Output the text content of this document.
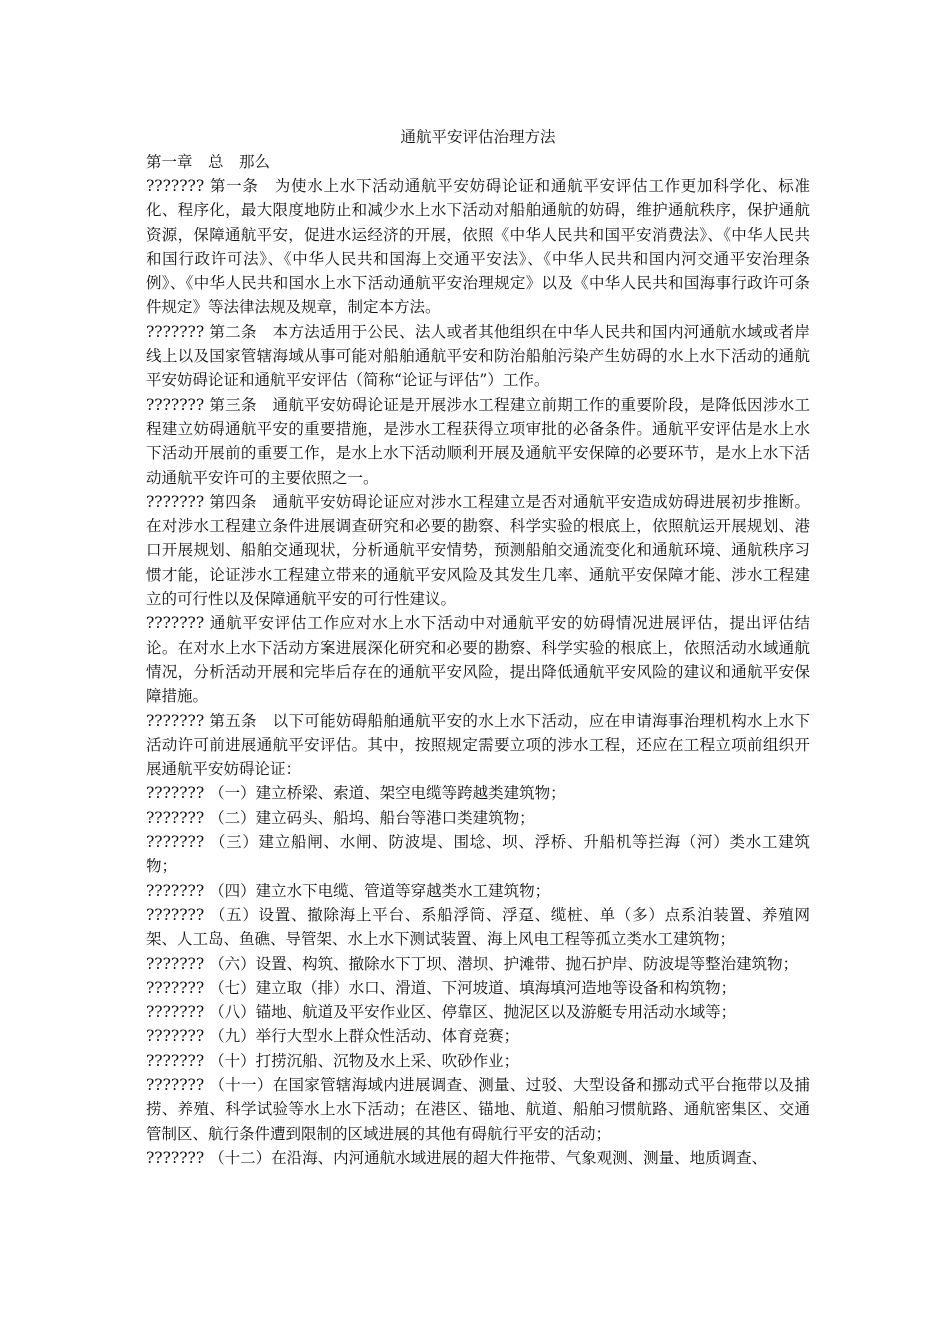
通航平安评估治理方法

第一章　总　那么

??????? 第一条　为使水上水下活动通航平安妨碍论证和通航平安评估工作更加科学化、标准化、程序化，最大限度地防止和减少水上水下活动对船舶通航的妨碍，维护通航秩序，保护通航资源，保障通航平安，促进水运经济的开展，依照《中华人民共和国平安消费法》、《中华人民共和国行政许可法》、《中华人民共和国海上交通平安法》、《中华人民共和国内河交通平安治理条例》、《中华人民共和国水上水下活动通航平安治理规定》以及《中华人民共和国海事行政许可条件规定》等法律法规及规章，制定本方法。

??????? 第二条　本方法适用于公民、法人或者其他组织在中华人民共和国内河通航水域或者岸线上以及国家管辖海域从事可能对船舶通航平安和防治船舶污染产生妨碍的水上水下活动的通航平安妨碍论证和通航平安评估（简称“论证与评估”）工作。

??????? 第三条　通航平安妨碍论证是开展涉水工程建立前期工作的重要阶段，是降低因涉水工程建立妨碍通航平安的重要措施，是涉水工程获得立项审批的必备条件。通航平安评估是水上水下活动开展前的重要工作，是水上水下活动顺利开展及通航平安保障的必要环节，是水上水下活动通航平安许可的主要依照之一。

??????? 第四条　通航平安妨碍论证应对涉水工程建立是否对通航平安造成妨碍进展初步推断。在对涉水工程建立条件进展调查研究和必要的勘察、科学实验的根底上，依照航运开展规划、港口开展规划、船舶交通现状，分析通航平安情势，预测船舶交通流变化和通航环境、通航秩序习惯才能，论证涉水工程建立带来的通航平安风险及其发生几率、通航平安保障才能、涉水工程建立的可行性以及保障通航平安的可行性建议。

??????? 通航平安评估工作应对水上水下活动中对通航平安的妨碍情况进展评估，提出评估结论。在对水上水下活动方案进展深化研究和必要的勘察、科学实验的根底上，依照活动水域通航情况，分析活动开展和完毕后存在的通航平安风险，提出降低通航平安风险的建议和通航平安保障措施。

??????? 第五条　以下可能妨碍船舶通航平安的水上水下活动，应在申请海事治理机构水上水下活动许可前进展通航平安评估。其中，按照规定需要立项的涉水工程，还应在工程立项前组织开展通航平安妨碍论证：

??????? （一）建立桥梁、索道、架空电缆等跨越类建筑物；

??????? （二）建立码头、船坞、船台等港口类建筑物；

??????? （三）建立船闸、水闸、防波堤、围埝、坝、浮桥、升船机等拦海（河）类水工建筑物；

??????? （四）建立水下电缆、管道等穿越类水工建筑物；

??????? （五）设置、撤除海上平台、系船浮筒、浮趸、缆桩、单（多）点系泊装置、养殖网架、人工岛、鱼礁、导管架、水上水下测试装置、海上风电工程等孤立类水工建筑物；

??????? （六）设置、构筑、撤除水下丁坝、潜坝、护滩带、抛石护岸、防波堤等整治建筑物；

??????? （七）建立取（排）水口、滑道、下河坡道、填海填河造地等设备和构筑物；

??????? （八）锚地、航道及平安作业区、停靠区、抛泥区以及游艇专用活动水域等；

??????? （九）举行大型水上群众性活动、体育竞赛；

??????? （十）打捞沉船、沉物及水上采、吹砂作业；

??????? （十一）在国家管辖海域内进展调查、测量、过驳、大型设备和挪动式平台拖带以及捕捞、养殖、科学试验等水上水下活动；在港区、锚地、航道、船舶习惯航路、通航密集区、交通管制区、航行条件遭到限制的区域进展的其他有碍航行平安的活动；

??????? （十二）在沿海、内河通航水域进展的超大件拖带、气象观测、测量、地质调查、
